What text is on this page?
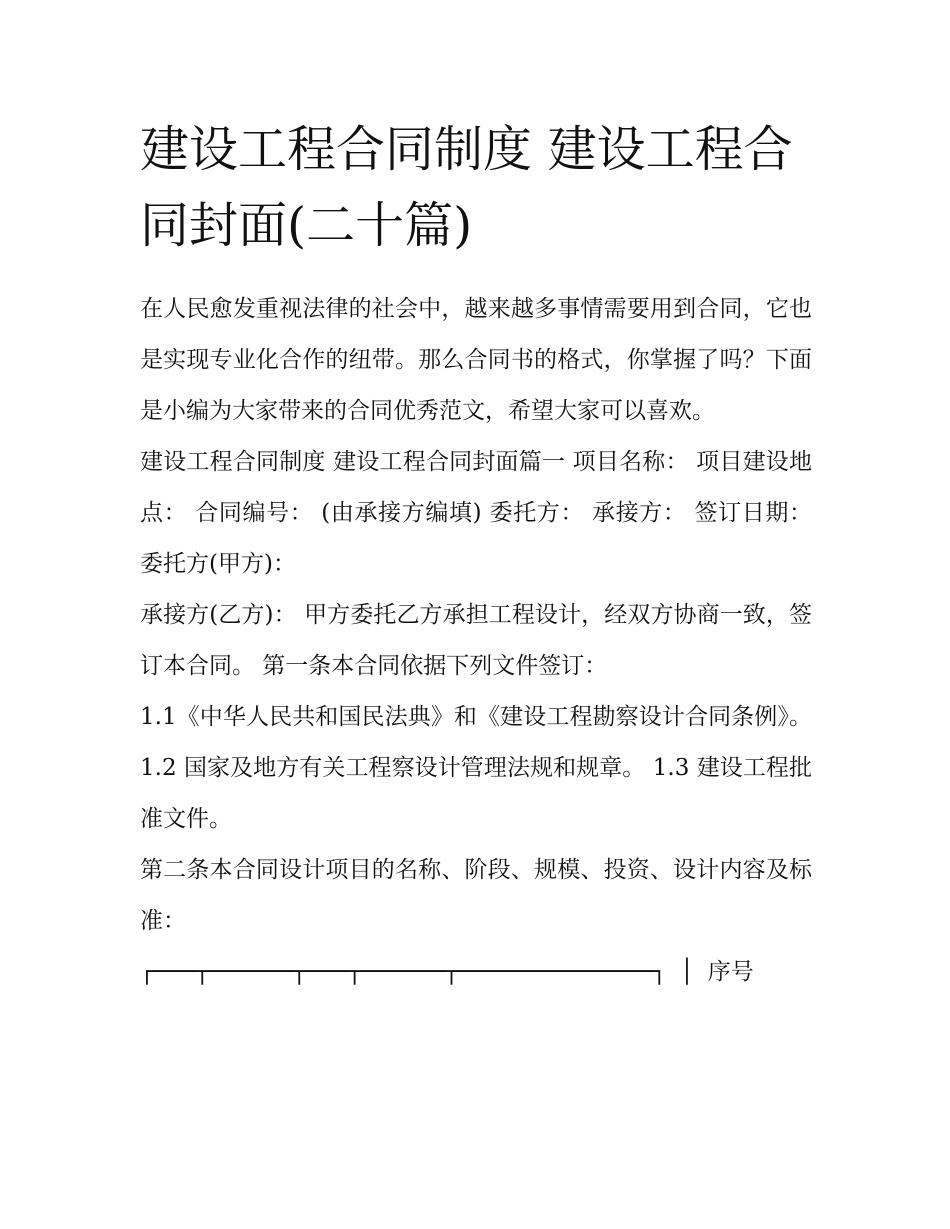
建设工程合同制度 建设工程合同封面(二十篇)

在人民愈发重视法律的社会中，越来越多事情需要用到合同，它也是实现专业化合作的纽带。那么合同书的格式，你掌握了吗？下面是小编为大家带来的合同优秀范文，希望大家可以喜欢。

建设工程合同制度 建设工程合同封面篇一 项目名称： 项目建设地点： 合同编号： (由承接方编填) 委托方： 承接方： 签订日期： 委托方(甲方)：

承接方(乙方)： 甲方委托乙方承担工程设计，经双方协商一致，签订本合同。 第一条本合同依据下列文件签订：

1.1《中华人民共和国民法典》和《建设工程勘察设计合同条例》。 1.2 国家及地方有关工程察设计管理法规和规章。 1.3 建设工程批准文件。

第二条本合同设计项目的名称、阶段、规模、投资、设计内容及标准：

┌───┬──────┬───┬──────┬──────────────┐ │ 序号
